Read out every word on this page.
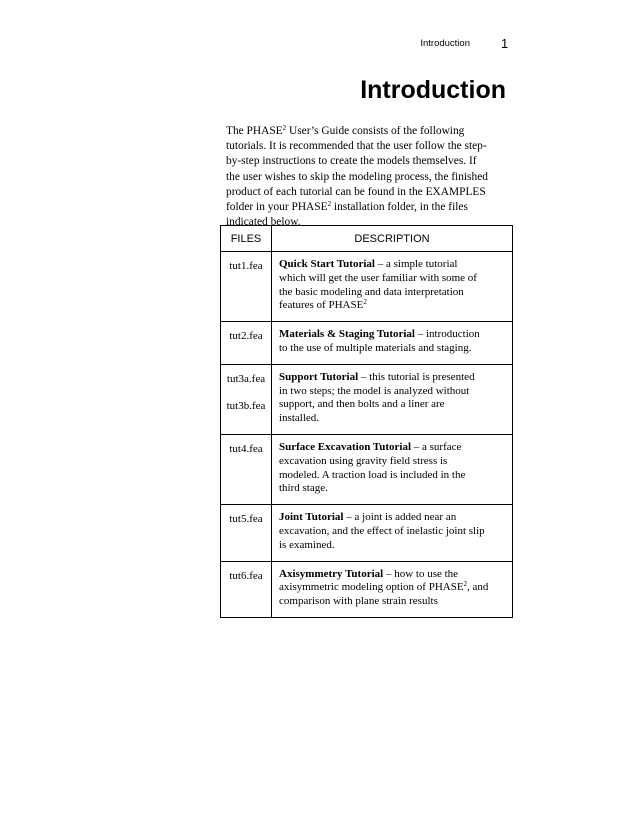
Introduction 1
Introduction

The PHASE$^2$ User’s Guide consists of the following
tutorials. It is recommended that the user follow the step-
by-step instructions to create the models themselves. If
the user wishes to skip the modeling process, the finished
product of each tutorial can be found in the EXAMPLES
folder in your PHASE$^2$ installation folder, in the files
indicated below.

FILES	DESCRIPTION

tut1.fea	Quick Start Tutorial – a simple tutorial
which will get the user familiar with some of
the basic modeling and data interpretation
features of PHASE$^2$

tut2.fea	Materials & Staging Tutorial – introduction
to the use of multiple materials and staging.

tut3a.fea
tut3b.fea	Support Tutorial – this tutorial is presented
in two steps; the model is analyzed without
support, and then bolts and a liner are
installed.

tut4.fea	Surface Excavation Tutorial – a surface
excavation using gravity field stress is
modeled. A traction load is included in the
third stage.

tut5.fea	Joint Tutorial – a joint is added near an
excavation, and the effect of inelastic joint slip
is examined.

tut6.fea	Axisymmetry Tutorial – how to use the
axisymmetric modeling option of PHASE$^2$, and
comparison with plane strain results
